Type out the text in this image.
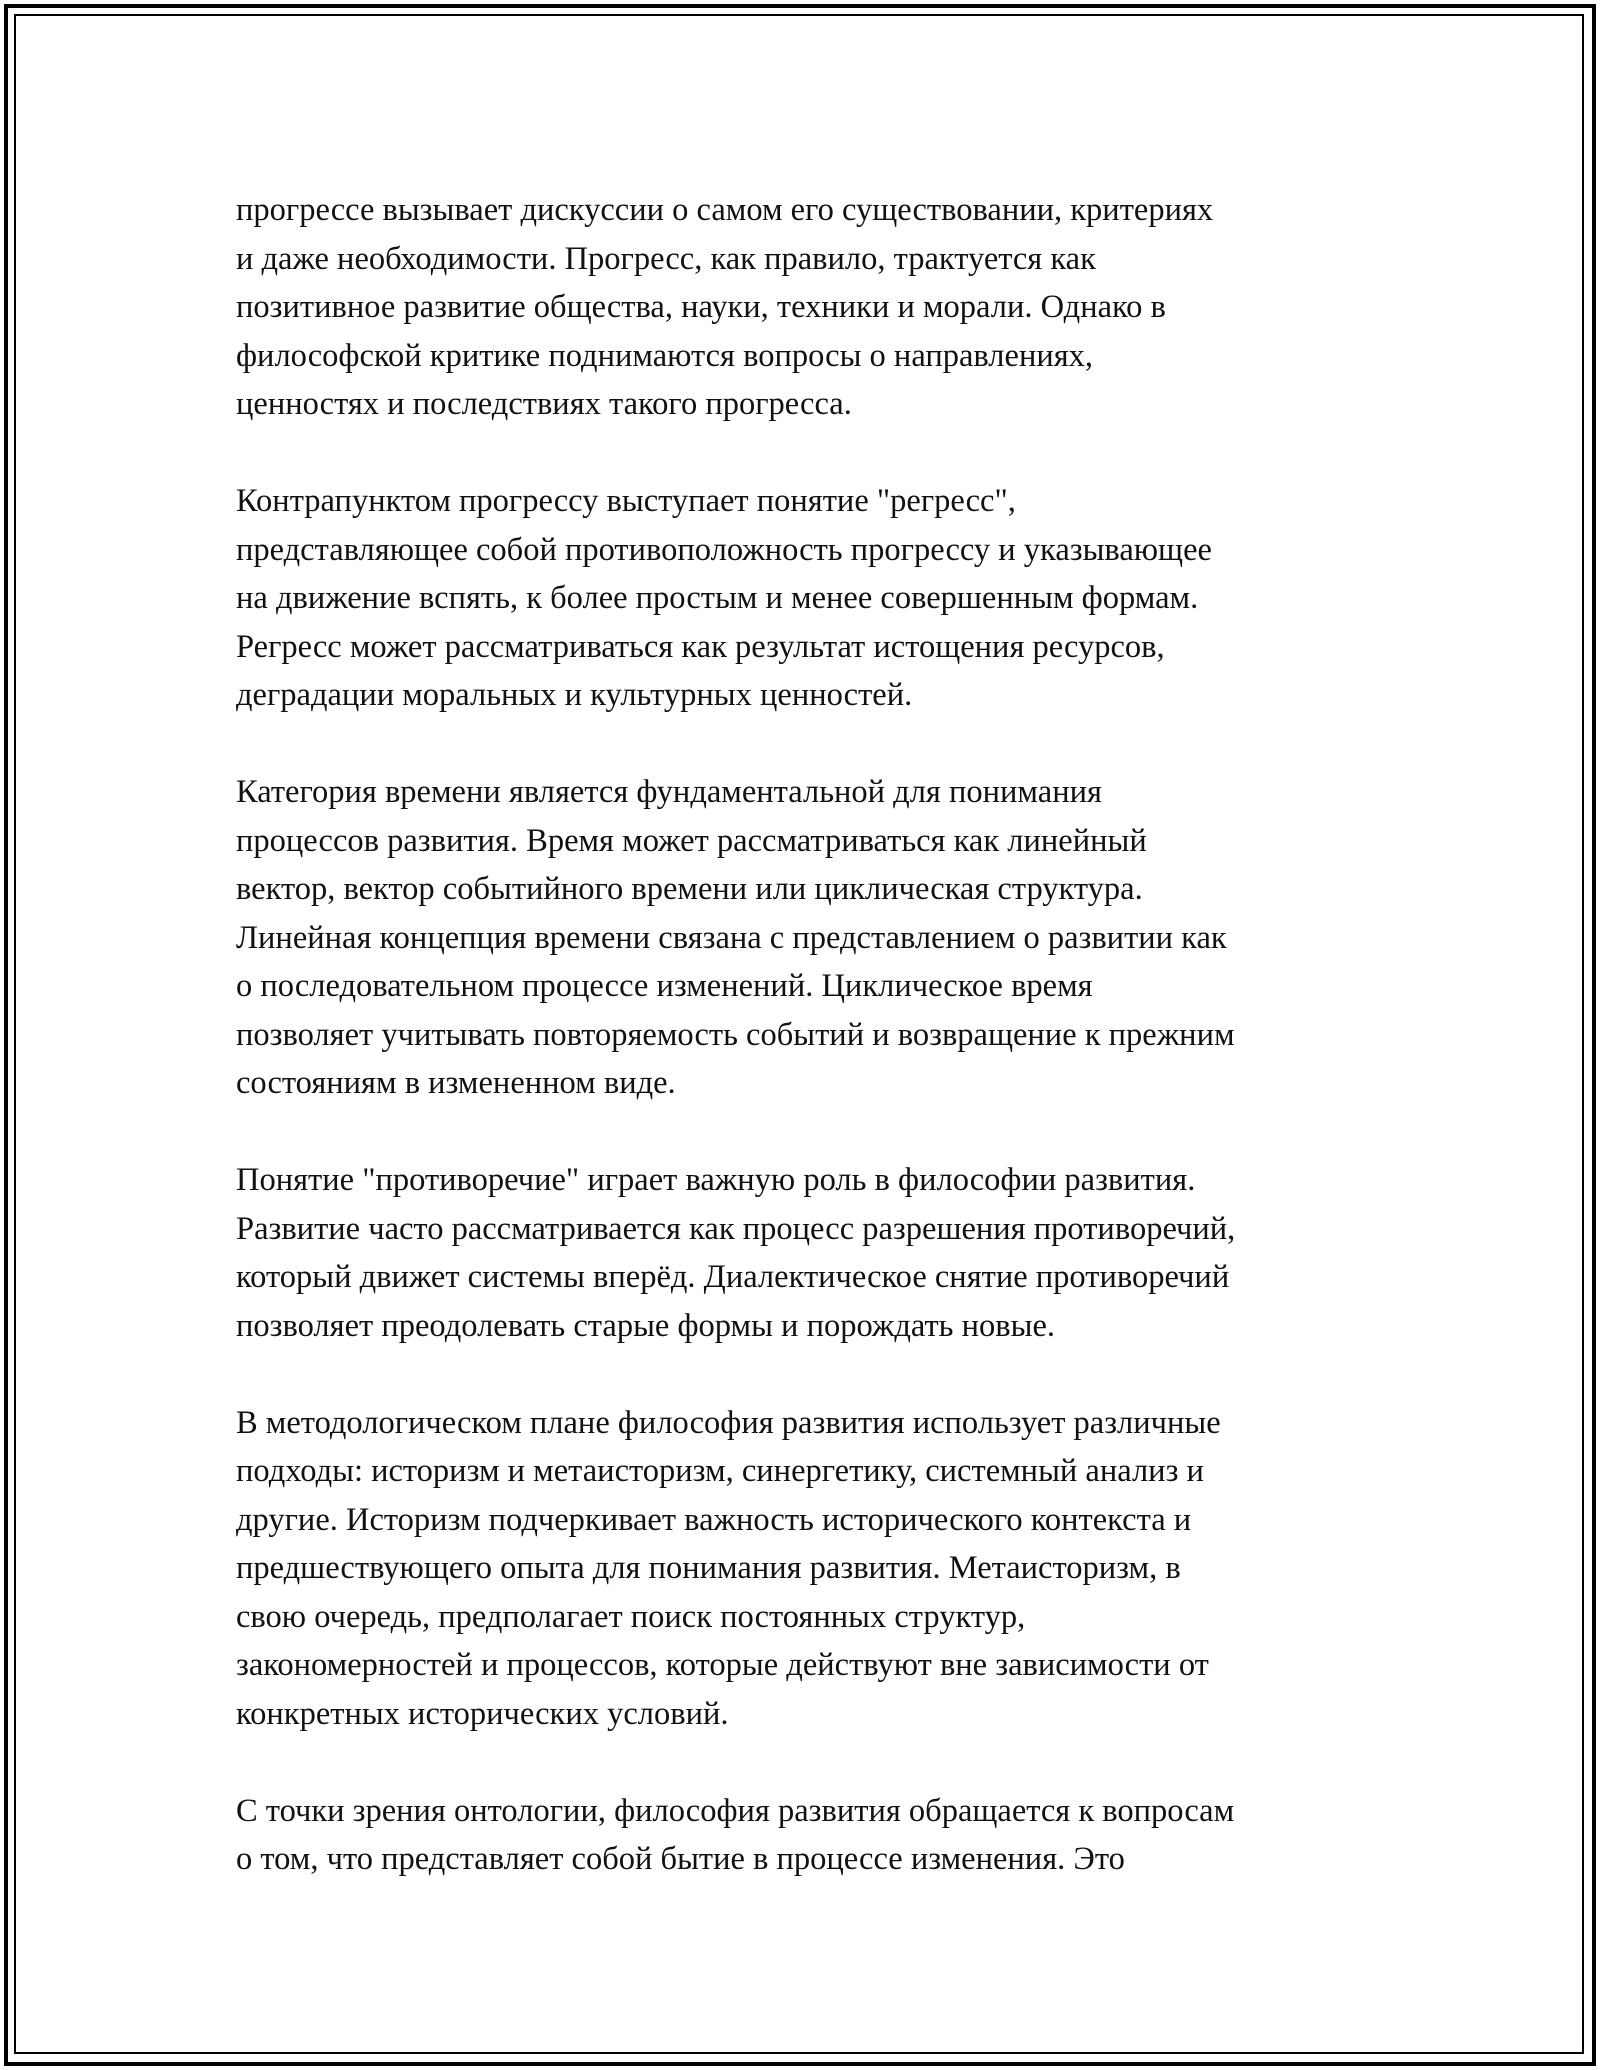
прогрессе вызывает дискуссии о самом его существовании, критериях
и даже необходимости. Прогресс, как правило, трактуется как
позитивное развитие общества, науки, техники и морали. Однако в
философской критике поднимаются вопросы о направлениях,
ценностях и последствиях такого прогресса.
Контрапунктом прогрессу выступает понятие "регресс",
представляющее собой противоположность прогрессу и указывающее
на движение вспять, к более простым и менее совершенным формам.
Регресс может рассматриваться как результат истощения ресурсов,
деградации моральных и культурных ценностей.
Категория времени является фундаментальной для понимания
процессов развития. Время может рассматриваться как линейный
вектор, вектор событийного времени или циклическая структура.
Линейная концепция времени связана с представлением о развитии как
о последовательном процессе изменений. Циклическое время
позволяет учитывать повторяемость событий и возвращение к прежним
состояниям в измененном виде.
Понятие "противоречие" играет важную роль в философии развития.
Развитие часто рассматривается как процесс разрешения противоречий,
который движет системы вперёд. Диалектическое снятие противоречий
позволяет преодолевать старые формы и порождать новые.
В методологическом плане философия развития использует различные
подходы: историзм и метаисторизм, синергетику, системный анализ и
другие. Историзм подчеркивает важность исторического контекста и
предшествующего опыта для понимания развития. Метаисторизм, в
свою очередь, предполагает поиск постоянных структур,
закономерностей и процессов, которые действуют вне зависимости от
конкретных исторических условий.
С точки зрения онтологии, философия развития обращается к вопросам
о том, что представляет собой бытие в процессе изменения. Это
